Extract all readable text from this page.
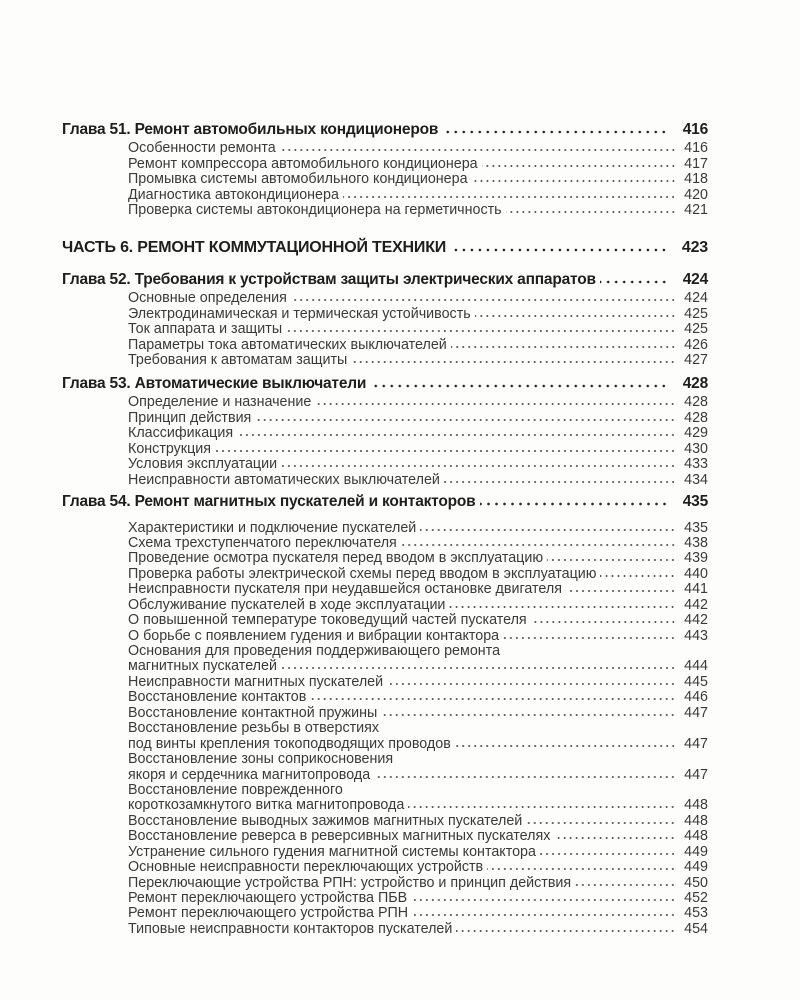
Глава 51. Ремонт автомобильных кондиционеров	416
Особенности ремонта	416
Ремонт компрессора автомобильного кондиционера	417
Промывка системы автомобильного кондиционера	418
Диагностика автокондиционера	420
Проверка системы автокондиционера на герметичность	421
ЧАСТЬ 6. РЕМОНТ КОММУТАЦИОННОЙ ТЕХНИКИ	423
Глава 52. Требования к устройствам защиты электрических аппаратов	424
Основные определения	424
Электродинамическая и термическая устойчивость	425
Ток аппарата и защиты	425
Параметры тока автоматических выключателей	426
Требования к автоматам защиты	427
Глава 53. Автоматические выключатели	428
Определение и назначение	428
Принцип действия	428
Классификация	429
Конструкция	430
Условия эксплуатации	433
Неисправности автоматических выключателей	434
Глава 54. Ремонт магнитных пускателей и контакторов	435
Характеристики и подключение пускателей	435
Схема трехступенчатого переключателя	438
Проведение осмотра пускателя перед вводом в эксплуатацию	439
Проверка работы электрической схемы перед вводом в эксплуатацию	440
Неисправности пускателя при неудавшейся остановке двигателя	441
Обслуживание пускателей в ходе эксплуатации	442
О повышенной температуре токоведущий частей пускателя	442
О борьбе с появлением гудения и вибрации контактора	443
Основания для проведения поддерживающего ремонта
магнитных пускателей	444
Неисправности магнитных пускателей	445
Восстановление контактов	446
Восстановление контактной пружины	447
Восстановление резьбы в отверстиях
под винты крепления токоподводящих проводов	447
Восстановление зоны соприкосновения
якоря и сердечника магнитопровода	447
Восстановление поврежденного
короткозамкнутого витка магнитопровода	448
Восстановление выводных зажимов магнитных пускателей	448
Восстановление реверса в реверсивных магнитных пускателях	448
Устранение сильного гудения магнитной системы контактора	449
Основные неисправности переключающих устройств	449
Переключающие устройства РПН: устройство и принцип действия	450
Ремонт переключающего устройства ПБВ	452
Ремонт переключающего устройства РПН	453
Типовые неисправности контакторов пускателей	454
